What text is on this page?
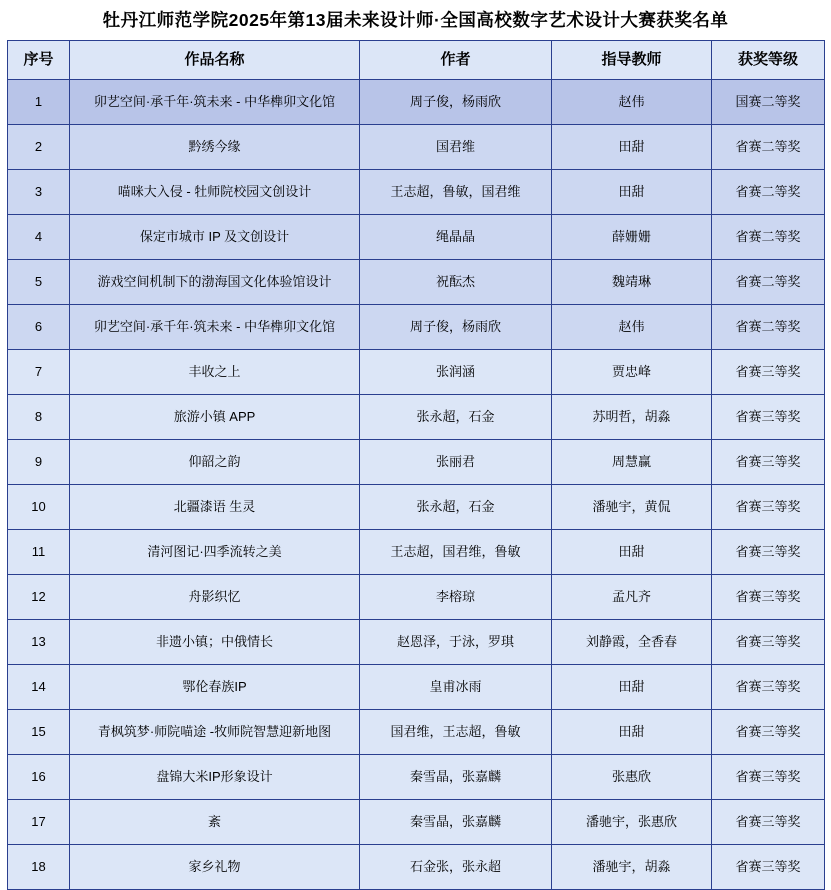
牡丹江师范学院2025年第13届未来设计师·全国高校数字艺术设计大赛获奖名单
序号	作品名称	作者	指导教师	获奖等级
1	卯艺空间·承千年·筑未来 - 中华榫卯文化馆	周子俊，杨雨欣	赵伟	国赛二等奖
2	黔绣今缘	国君维	田甜	省赛二等奖
3	喵咪大入侵 - 牡师院校园文创设计	王志超，鲁敏，国君维	田甜	省赛二等奖
4	保定市城市 IP 及文创设计	绳晶晶	薛姗姗	省赛二等奖
5	游戏空间机制下的渤海国文化体验馆设计	祝酝杰	魏靖琳	省赛二等奖
6	卯艺空间·承千年·筑未来 - 中华榫卯文化馆	周子俊，杨雨欣	赵伟	省赛二等奖
7	丰收之上	张润涵	贾忠峰	省赛三等奖
8	旅游小镇 APP	张永超，石金	苏明哲，胡淼	省赛三等奖
9	仰韶之韵	张丽君	周慧赢	省赛三等奖
10	北疆漆语 生灵	张永超，石金	潘驰宇，黄侃	省赛三等奖
11	清河图记·四季流转之美	王志超，国君维，鲁敏	田甜	省赛三等奖
12	舟影织忆	李榕琼	孟凡齐	省赛三等奖
13	非遗小镇；中俄情长	赵恩泽，于泳，罗琪	刘静霞，全香春	省赛三等奖
14	鄂伦春族IP	皇甫冰雨	田甜	省赛三等奖
15	青枫筑梦·师院喵途 -牧师院智慧迎新地图	国君维，王志超，鲁敏	田甜	省赛三等奖
16	盘锦大米IP形象设计	秦雪晶，张嘉麟	张惠欣	省赛三等奖
17	紊	秦雪晶，张嘉麟	潘驰宇，张惠欣	省赛三等奖
18	家乡礼物	石金张，张永超	潘驰宇，胡淼	省赛三等奖
